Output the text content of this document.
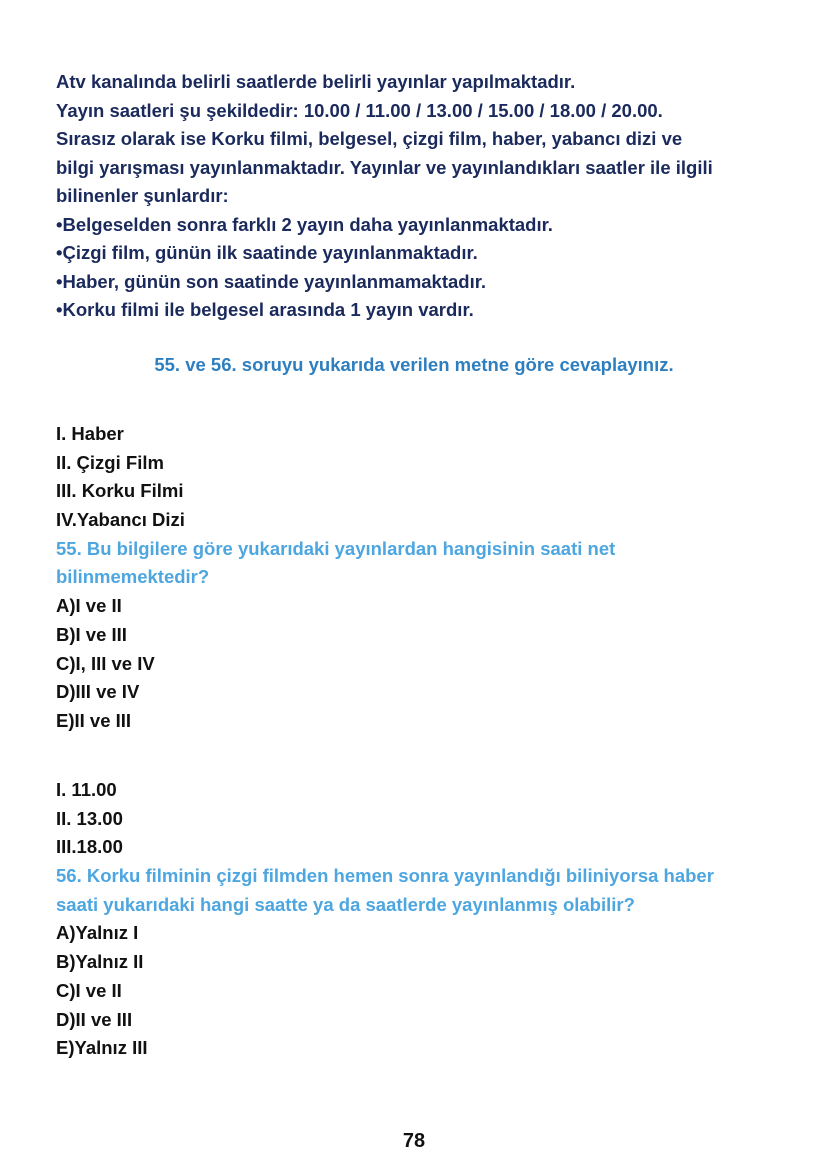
Atv kanalında belirli saatlerde belirli yayınlar yapılmaktadır.
Yayın saatleri şu şekildedir: 10.00 / 11.00 / 13.00 / 15.00 / 18.00 / 20.00.
Sırasız olarak ise Korku filmi, belgesel, çizgi film, haber, yabancı dizi ve
bilgi yarışması yayınlanmaktadır. Yayınlar ve yayınlandıkları saatler ile ilgili
bilinenler şunlardır:
•Belgeselden sonra farklı 2 yayın daha yayınlanmaktadır.
•Çizgi film, günün ilk saatinde yayınlanmaktadır.
•Haber, günün son saatinde yayınlanmamaktadır.
•Korku filmi ile belgesel arasında 1 yayın vardır.
55. ve 56. soruyu yukarıda verilen metne göre cevaplayınız.
I. Haber
II. Çizgi Film
III. Korku Filmi
IV.Yabancı Dizi
55. Bu bilgilere göre yukarıdaki yayınlardan hangisinin saati net
bilinmemektedir?
A)I ve II
B)I ve III
C)I, III ve IV
D)III ve IV
E)II ve III
I. 11.00
II. 13.00
III.18.00
56. Korku filminin çizgi filmden hemen sonra yayınlandığı biliniyorsa haber
saati yukarıdaki hangi saatte ya da saatlerde yayınlanmış olabilir?
A)Yalnız I
B)Yalnız II
C)I ve II
D)II ve III
E)Yalnız III
78
